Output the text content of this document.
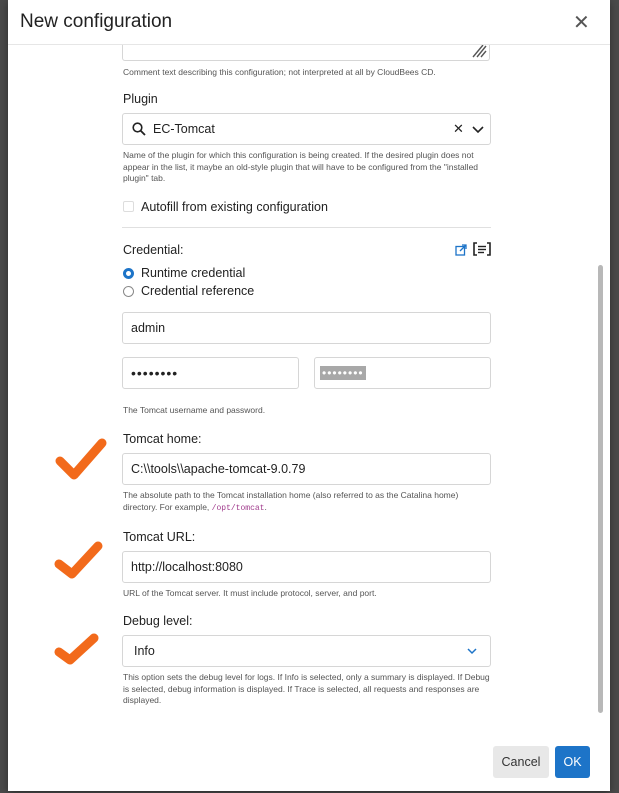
New configuration	✕
Comment text describing this configuration; not interpreted at all by CloudBees CD.
Plugin
EC-Tomcat	✕
Name of the plugin for which this configuration is being created. If the desired plugin does not appear in the list, it maybe an old-style plugin that will have to be configured from the "installed plugin" tab.
Autofill from existing configuration
Credential:
Runtime credential
Credential reference
admin
••••••••	••••••••
The Tomcat username and password.
Tomcat home:
C:\\tools\\apache-tomcat-9.0.79
The absolute path to the Tomcat installation home (also referred to as the Catalina home) directory. For example, /opt/tomcat.
Tomcat URL:
http://localhost:8080
URL of the Tomcat server. It must include protocol, server, and port.
Debug level:
Info
This option sets the debug level for logs. If Info is selected, only a summary is displayed. If Debug is selected, debug information is displayed. If Trace is selected, all requests and responses are displayed.
Cancel	OK
